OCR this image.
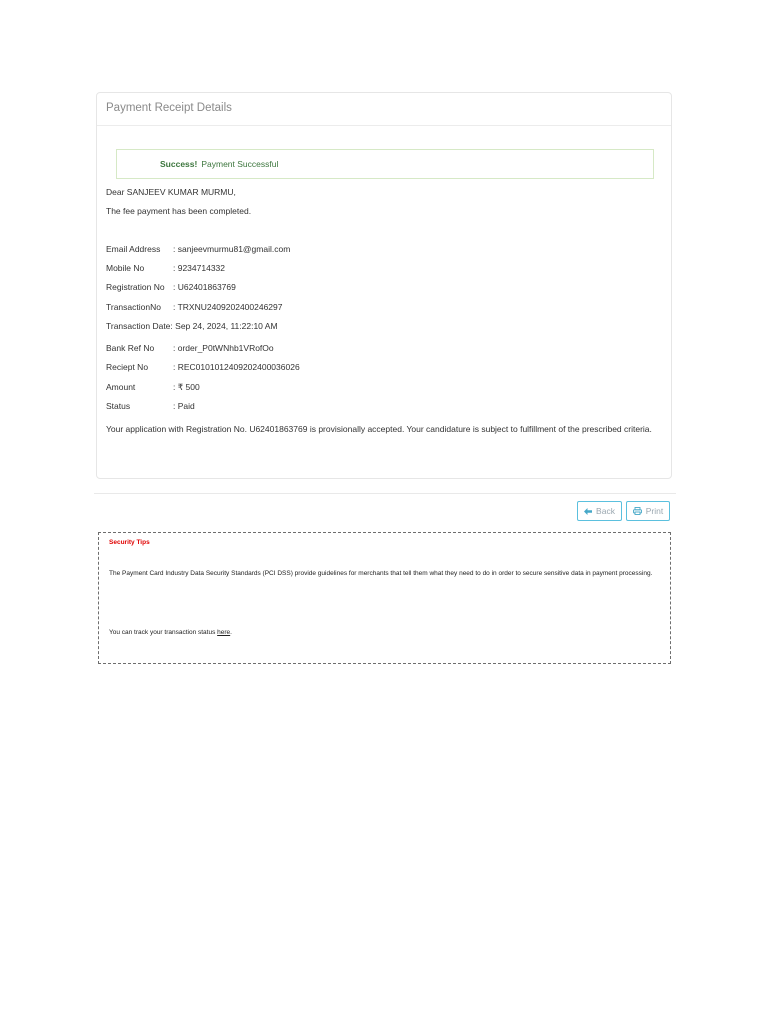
Payment Receipt Details
Success! Payment Successful
Dear SANJEEV KUMAR MURMU,
The fee payment has been completed.
Email Address : sanjeevmurmu81@gmail.com
Mobile No	: 9234714332
Registration No : U62401863769
TransactionNo : TRXNU2409202400246297
Transaction Date: Sep 24, 2024, 11:22:10 AM
Bank Ref No : order_P0tWNhb1VRofOo
Reciept No	: REC0101012409202400036026
Amount	: ₹ 500
Status	: Paid
Your application with Registration No. U62401863769 is provisionally accepted. Your candidature is subject to fulfillment of the prescribed criteria.
Back	Print
Security Tips
The Payment Card Industry Data Security Standards (PCI DSS) provide guidelines for merchants that tell them what they need to do in order to secure sensitive data in payment processing.
You can track your transaction status here.
